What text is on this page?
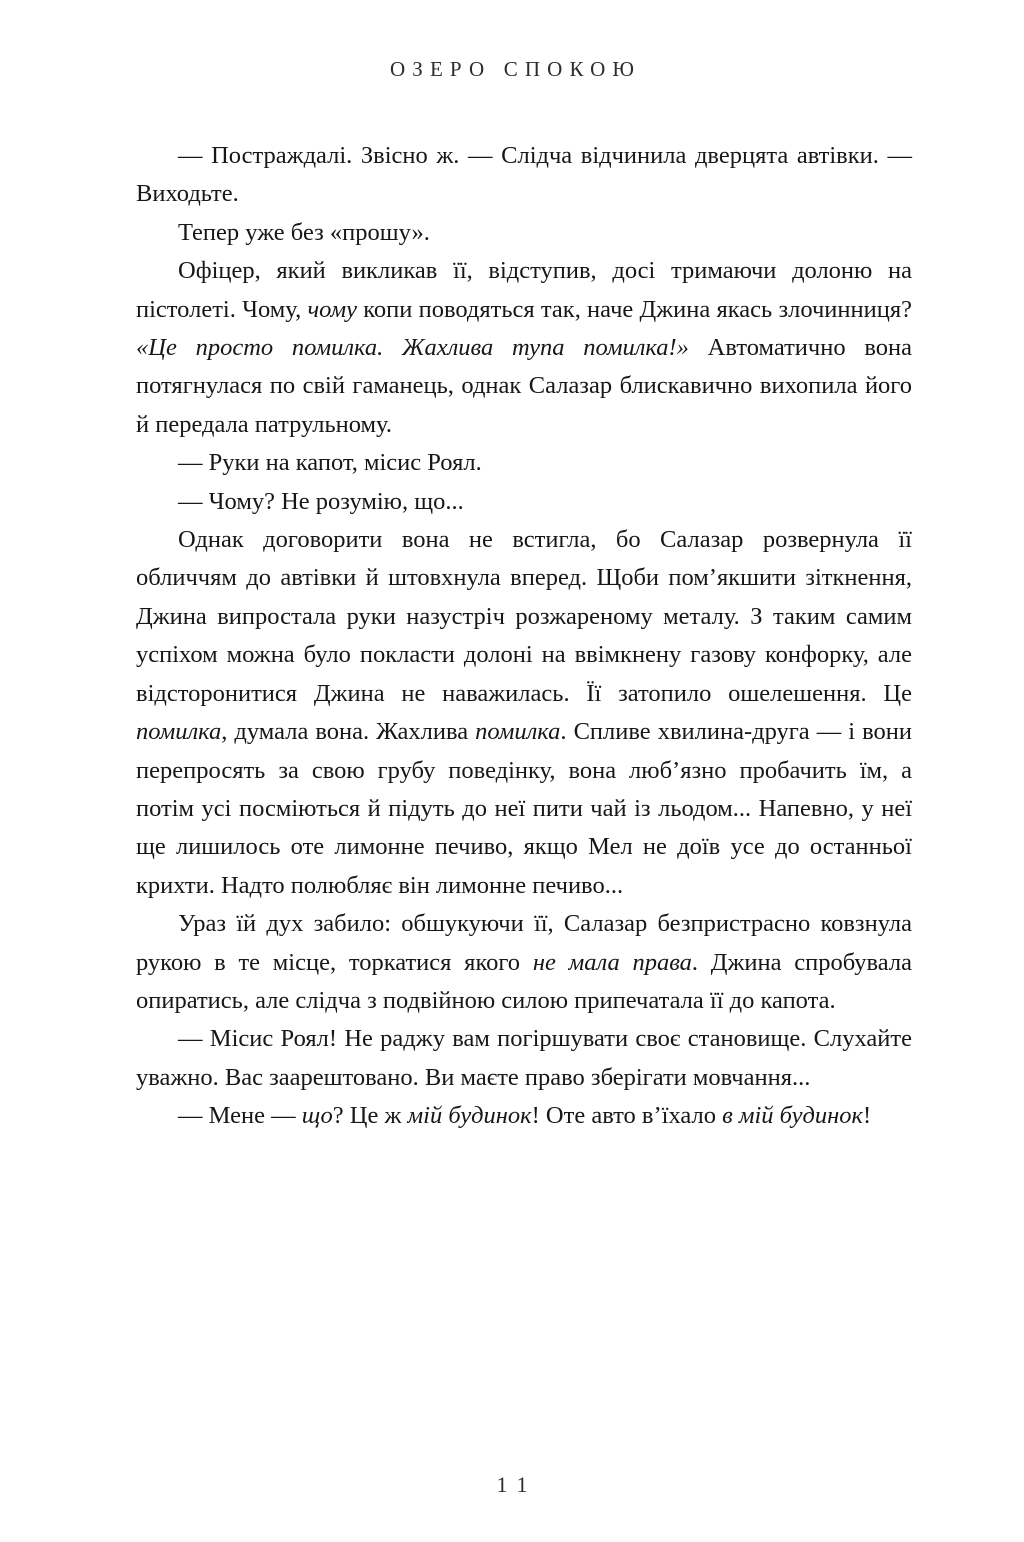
ОЗЕРО СПОКОЮ

— Постраждалі. Звісно ж. — Слідча відчинила дверцята автівки. — Виходьте.

Тепер уже без «прошу».

Офіцер, який викликав її, відступив, досі тримаючи долоню на пістолеті. Чому, чому копи поводяться так, наче Джина якась злочинниця? «Це просто помилка. Жахлива тупа помилка!» Автоматично вона потягнулася по свій гаманець, однак Салазар блискавично вихопила його й передала патрульному.

— Руки на капот, місис Роял.

— Чому? Не розумію, що...

Однак договорити вона не встигла, бо Салазар розвернула її обличчям до автівки й штовхнула вперед. Щоби пом’якшити зіткнення, Джина випростала руки назустріч розжареному металу. З таким самим успіхом можна було покласти долоні на ввімкнену газову конфорку, але відсторонитися Джина не наважилась. Її затопило ошелешення. Це помилка, думала вона. Жахлива помилка. Спливе хвилина-друга — і вони перепросять за свою грубу поведінку, вона люб’язно пробачить їм, а потім усі посміються й підуть до неї пити чай із льодом... Напевно, у неї ще лишилось оте лимонне печиво, якщо Мел не доїв усе до останньої крихти. Надто полюбляє він лимонне печиво...

Ураз їй дух забило: обшукуючи її, Салазар безпристрасно ковзнула рукою в те місце, торкатися якого не мала права. Джина спробувала опиратись, але слідча з подвійною силою припечатала її до капота.

— Місис Роял! Не раджу вам погіршувати своє становище. Слухайте уважно. Вас заарештовано. Ви маєте право зберігати мовчання...

— Мене — що? Це ж мій будинок! Оте авто в’їхало в мій будинок!

11
